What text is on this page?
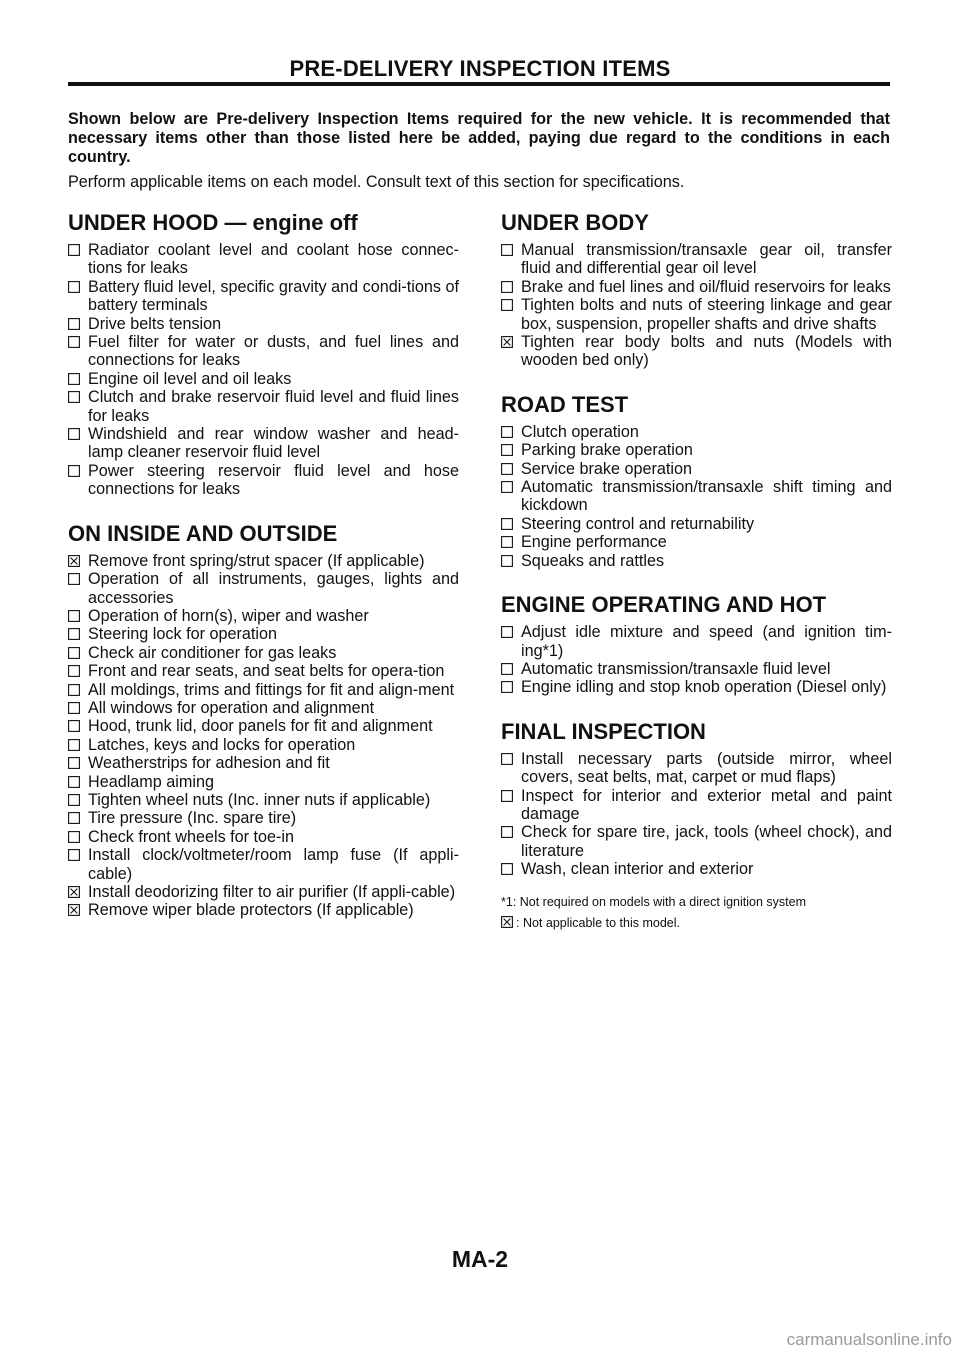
PRE-DELIVERY INSPECTION ITEMS

Shown below are Pre-delivery Inspection Items required for the new vehicle. It is recommended that necessary items other than those listed here be added, paying due regard to the conditions in each country.

Perform applicable items on each model. Consult text of this section for specifications.

UNDER HOOD — engine off
Radiator coolant level and coolant hose connec-tions for leaks
Battery fluid level, specific gravity and condi-tions of battery terminals
Drive belts tension
Fuel filter for water or dusts, and fuel lines and connections for leaks
Engine oil level and oil leaks
Clutch and brake reservoir fluid level and fluid lines for leaks
Windshield and rear window washer and head-lamp cleaner reservoir fluid level
Power steering reservoir fluid level and hose connections for leaks
ON INSIDE AND OUTSIDE
Remove front spring/strut spacer (If applicable)
Operation of all instruments, gauges, lights and accessories
Operation of horn(s), wiper and washer
Steering lock for operation
Check air conditioner for gas leaks
Front and rear seats, and seat belts for opera-tion
All moldings, trims and fittings for fit and align-ment
All windows for operation and alignment
Hood, trunk lid, door panels for fit and alignment
Latches, keys and locks for operation
Weatherstrips for adhesion and fit
Headlamp aiming
Tighten wheel nuts (Inc. inner nuts if applicable)
Tire pressure (Inc. spare tire)
Check front wheels for toe-in
Install clock/voltmeter/room lamp fuse (If appli-cable)
Install deodorizing filter to air purifier (If appli-cable)
Remove wiper blade protectors (If applicable)
UNDER BODY
Manual transmission/transaxle gear oil, transfer fluid and differential gear oil level
Brake and fuel lines and oil/fluid reservoirs for leaks
Tighten bolts and nuts of steering linkage and gear box, suspension, propeller shafts and drive shafts
Tighten rear body bolts and nuts (Models with wooden bed only)
ROAD TEST
Clutch operation
Parking brake operation
Service brake operation
Automatic transmission/transaxle shift timing and kickdown
Steering control and returnability
Engine performance
Squeaks and rattles
ENGINE OPERATING AND HOT
Adjust idle mixture and speed (and ignition tim-ing*1)
Automatic transmission/transaxle fluid level
Engine idling and stop knob operation (Diesel only)
FINAL INSPECTION
Install necessary parts (outside mirror, wheel covers, seat belts, mat, carpet or mud flaps)
Inspect for interior and exterior metal and paint damage
Check for spare tire, jack, tools (wheel chock), and literature
Wash, clean interior and exterior

*1: Not required on models with a direct ignition system

: Not applicable to this model.

MA-2
carmanualsonline.info
